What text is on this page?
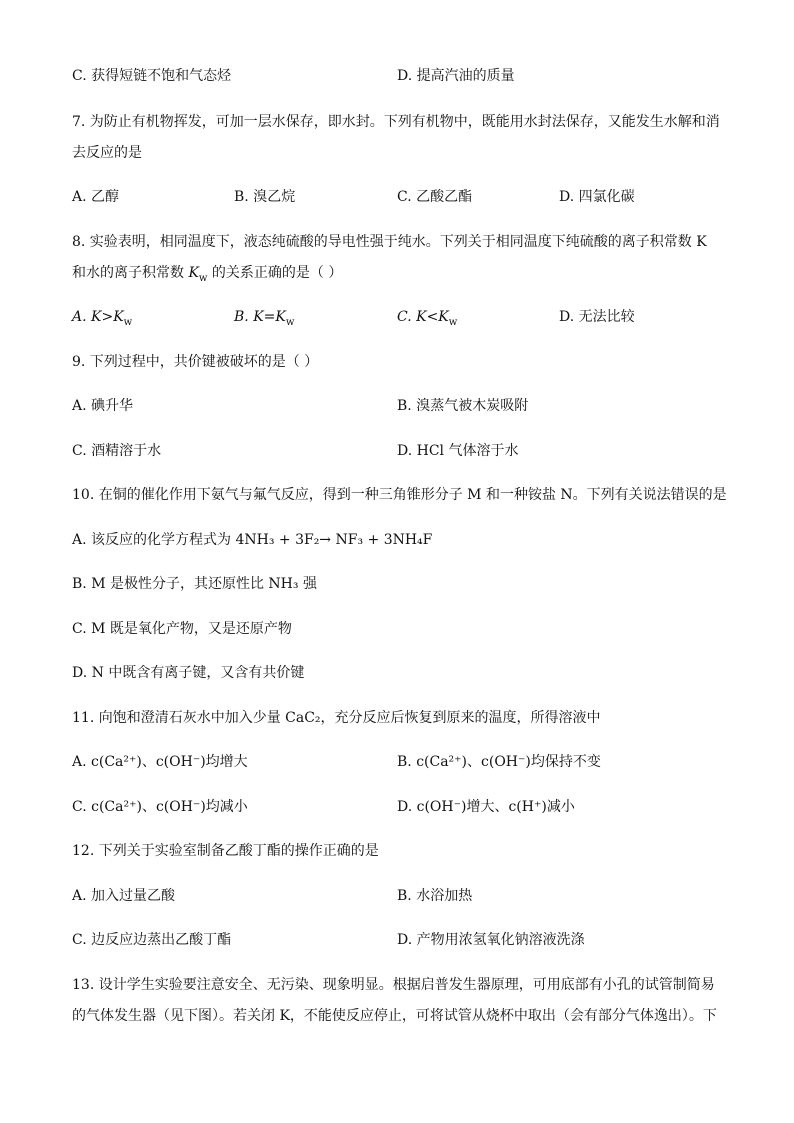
C. 获得短链不饱和气态烃	D. 提高汽油的质量
7. 为防止有机物挥发，可加一层水保存，即水封。下列有机物中，既能用水封法保存，又能发生水解和消
去反应的是
A. 乙醇	B. 溴乙烷	C. 乙酸乙酯	D. 四氯化碳
8. 实验表明，相同温度下，液态纯硫酸的导电性强于纯水。下列关于相同温度下纯硫酸的离子积常数 K
和水的离子积常数 $K_w$ 的关系正确的是（ ）
A. $K>K_w$	B. $K=K_w$	C. $K<K_w$	D. 无法比较
9. 下列过程中，共价键被破坏的是（ ）
A. 碘升华	B. 溴蒸气被木炭吸附
C. 酒精溶于水	D. HCl 气体溶于水
10. 在铜的催化作用下氨气与氟气反应，得到一种三角锥形分子 M 和一种铵盐 N。下列有关说法错误的是
A. 该反应的化学方程式为 4NH₃ + 3F₂→ NF₃ + 3NH₄F
B. M 是极性分子，其还原性比 NH₃ 强
C. M 既是氧化产物，又是还原产物
D. N 中既含有离子键，又含有共价键
11. 向饱和澄清石灰水中加入少量 CaC₂，充分反应后恢复到原来的温度，所得溶液中
A. c(Ca²⁺)、c(OH⁻)均增大	B. c(Ca²⁺)、c(OH⁻)均保持不变
C. c(Ca²⁺)、c(OH⁻)均减小	D. c(OH⁻)增大、c(H⁺)减小
12. 下列关于实验室制备乙酸丁酯的操作正确的是
A. 加入过量乙酸	B. 水浴加热
C. 边反应边蒸出乙酸丁酯	D. 产物用浓氢氧化钠溶液洗涤
13. 设计学生实验要注意安全、无污染、现象明显。根据启普发生器原理，可用底部有小孔的试管制简易
的气体发生器（见下图）。若关闭 K，不能使反应停止，可将试管从烧杯中取出（会有部分气体逸出）。下
